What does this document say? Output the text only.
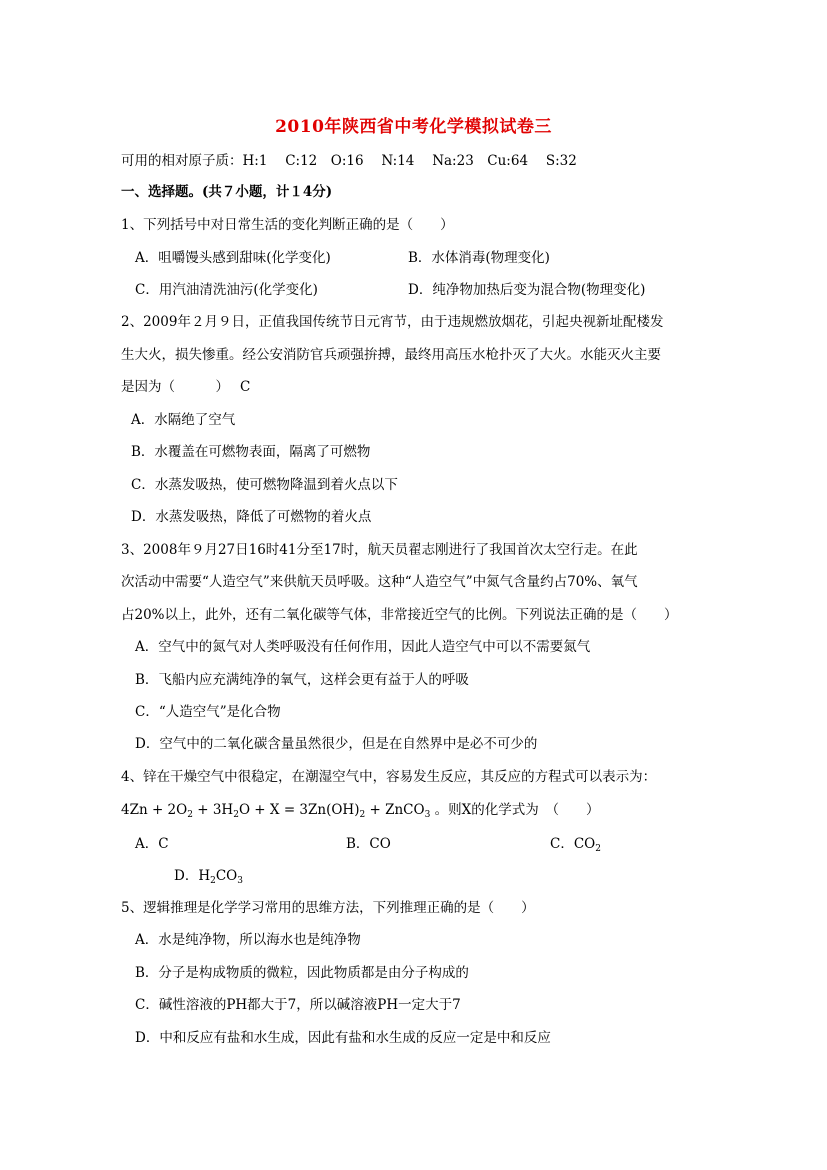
2010年陕西省中考化学模拟试卷三
可用的相对原子质：H:1　 C:12　O:16　 N:14　 Na:23　Cu:64　 S:32
一、选择题。(共７小题，计１4分)
1、下列括号中对日常生活的变化判断正确的是（　　）
A．咀嚼馒头感到甜味(化学变化)	B．水体消毒(物理变化)
C．用汽油清洗油污(化学变化)	D．纯净物加热后变为混合物(物理变化)
2、2009年２月９日，正值我国传统节日元宵节，由于违规燃放烟花，引起央视新址配楼发
生大火，损失惨重。经公安消防官兵顽强拚搏，最终用高压水枪扑灭了大火。水能灭火主要
是因为（　　　）　 C
A．水隔绝了空气
B．水覆盖在可燃物表面，隔离了可燃物
C．水蒸发吸热，使可燃物降温到着火点以下
D．水蒸发吸热，降低了可燃物的着火点
3、2008年９月27日16时41分至17时，航天员翟志刚进行了我国首次太空行走。在此
次活动中需要“人造空气”来供航天员呼吸。这种“人造空气”中氮气含量约占70%、氧气
占20%以上，此外，还有二氧化碳等气体，非常接近空气的比例。下列说法正确的是（　　）
A．空气中的氮气对人类呼吸没有任何作用，因此人造空气中可以不需要氮气
B．飞船内应充满纯净的氧气，这样会更有益于人的呼吸
C．“人造空气”是化合物
D．空气中的二氧化碳含量虽然很少，但是在自然界中是必不可少的
4、锌在干燥空气中很稳定，在潮湿空气中，容易发生反应，其反应的方程式可以表示为：
$4Zn + 2O_2 + 3H_2O + X = 3Zn(OH)_2$ + ZnCO$_3$ 。则X的化学式为　（　　）
A．C	B．CO	C．$CO_2$
D．$H_2CO_3$
5、逻辑推理是化学学习常用的思维方法，下列推理正确的是（　　）
A．水是纯净物，所以海水也是纯净物
B．分子是构成物质的微粒，因此物质都是由分子构成的
C．碱性溶液的PH都大于7，所以碱溶液PH一定大于7
D．中和反应有盐和水生成，因此有盐和水生成的反应一定是中和反应
